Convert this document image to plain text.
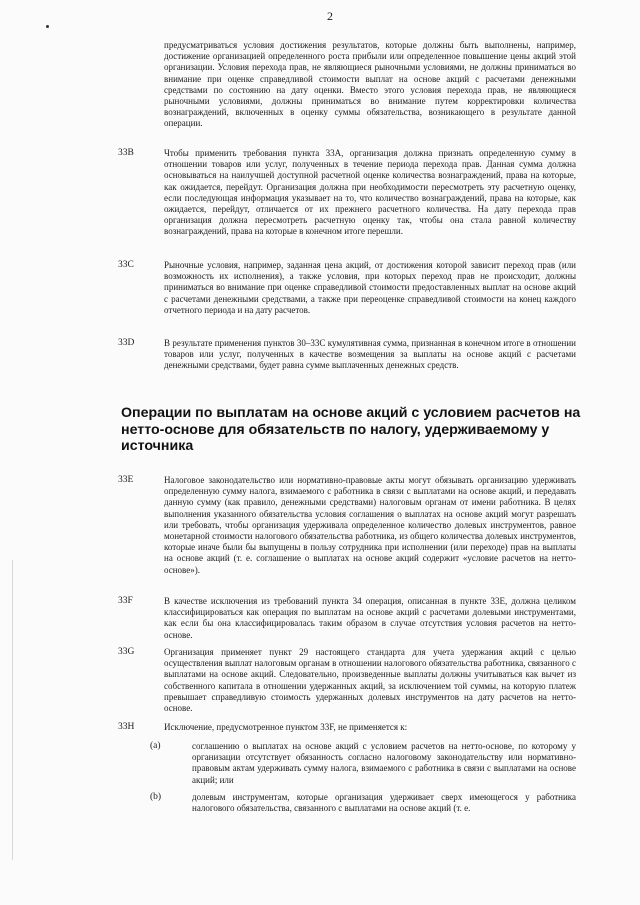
2
предусматриваться условия достижения результатов, которые должны быть выполнены, например, достижение организацией определенного роста прибыли или определенное повышение цены акций этой организации. Условия перехода прав, не являющиеся рыночными условиями, не должны приниматься во внимание при оценке справедливой стоимости выплат на основе акций с расчетами денежными средствами по состоянию на дату оценки. Вместо этого условия перехода прав, не являющиеся рыночными условиями, должны приниматься во внимание путем корректировки количества вознаграждений, включенных в оценку суммы обязательства, возникающего в результате данной операции.
33B	Чтобы применить требования пункта 33A, организация должна признать определенную сумму в отношении товаров или услуг, полученных в течение периода перехода прав. Данная сумма должна основываться на наилучшей доступной расчетной оценке количества вознаграждений, права на которые, как ожидается, перейдут. Организация должна при необходимости пересмотреть эту расчетную оценку, если последующая информация указывает на то, что количество вознаграждений, права на которые, как ожидается, перейдут, отличается от их прежнего расчетного количества. На дату перехода прав организация должна пересмотреть расчетную оценку так, чтобы она стала равной количеству вознаграждений, права на которые в конечном итоге перешли.
33C	Рыночные условия, например, заданная цена акций, от достижения которой зависит переход прав (или возможность их исполнения), а также условия, при которых переход прав не происходит, должны приниматься во внимание при оценке справедливой стоимости предоставленных выплат на основе акций с расчетами денежными средствами, а также при переоценке справедливой стоимости на конец каждого отчетного периода и на дату расчетов.
33D	В результате применения пунктов 30–33C кумулятивная сумма, признанная в конечном итоге в отношении товаров или услуг, полученных в качестве возмещения за выплаты на основе акций с расчетами денежными средствами, будет равна сумме выплаченных денежных средств.
Операции по выплатам на основе акций с условием расчетов на нетто-основе для обязательств по налогу, удерживаемому у источника
33E	Налоговое законодательство или нормативно-правовые акты могут обязывать организацию удерживать определенную сумму налога, взимаемого с работника в связи с выплатами на основе акций, и передавать данную сумму (как правило, денежными средствами) налоговым органам от имени работника. В целях выполнения указанного обязательства условия соглашения о выплатах на основе акций могут разрешать или требовать, чтобы организация удерживала определенное количество долевых инструментов, равное монетарной стоимости налогового обязательства работника, из общего количества долевых инструментов, которые иначе были бы выпущены в пользу сотрудника при исполнении (или переходе) прав на выплаты на основе акций (т. е. соглашение о выплатах на основе акций содержит «условие расчетов на нетто-основе»).
33F	В качестве исключения из требований пункта 34 операция, описанная в пункте 33E, должна целиком классифицироваться как операция по выплатам на основе акций с расчетами долевыми инструментами, как если бы она классифицировалась таким образом в случае отсутствия условия расчетов на нетто-основе.
33G	Организация применяет пункт 29 настоящего стандарта для учета удержания акций с целью осуществления выплат налоговым органам в отношении налогового обязательства работника, связанного с выплатами на основе акций. Следовательно, произведенные выплаты должны учитываться как вычет из собственного капитала в отношении удержанных акций, за исключением той суммы, на которую платеж превышает справедливую стоимость удержанных долевых инструментов на дату расчетов на нетто-основе.
33H	Исключение, предусмотренное пунктом 33F, не применяется к:
(a)	соглашению о выплатах на основе акций с условием расчетов на нетто-основе, по которому у организации отсутствует обязанность согласно налоговому законодательству или нормативно-правовым актам удерживать сумму налога, взимаемого с работника в связи с выплатами на основе акций; или
(b)	долевым инструментам, которые организация удерживает сверх имеющегося у работника налогового обязательства, связанного с выплатами на основе акций (т. е.
